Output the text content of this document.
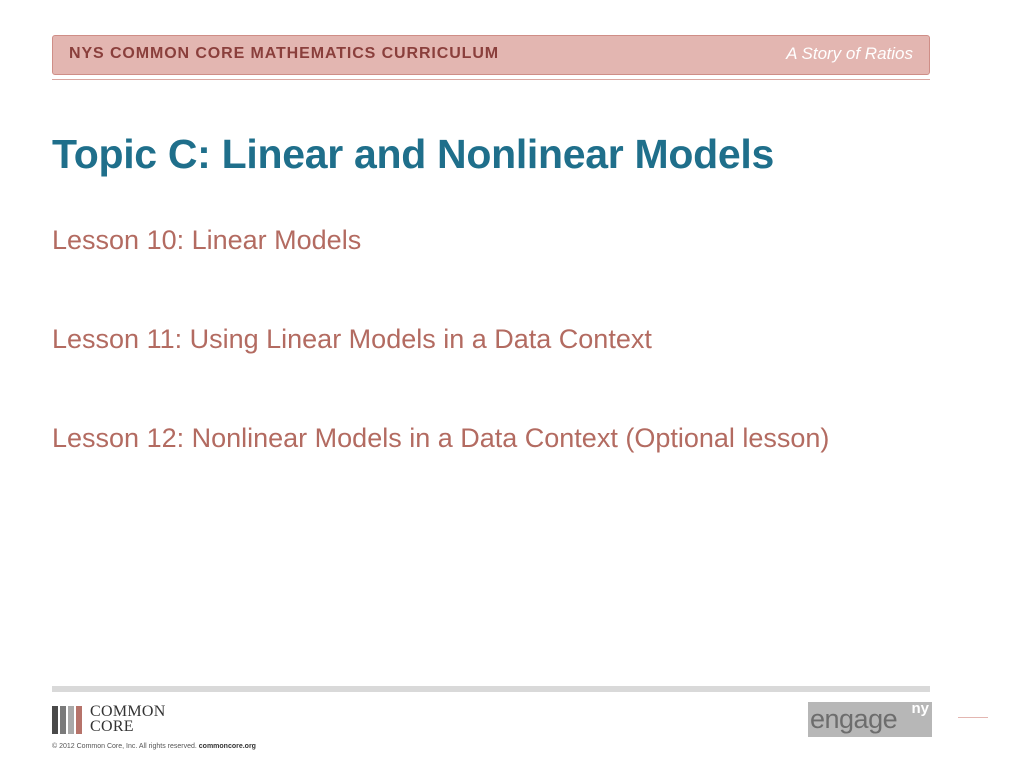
NYS COMMON CORE MATHEMATICS CURRICULUM	A Story of Ratios
Topic C: Linear and Nonlinear Models
Lesson 10: Linear Models
Lesson 11: Using Linear Models in a Data Context
Lesson 12: Nonlinear Models in a Data Context (Optional lesson)
COMMON
CORE
© 2012 Common Core, Inc. All rights reserved. commoncore.org
engage ny
